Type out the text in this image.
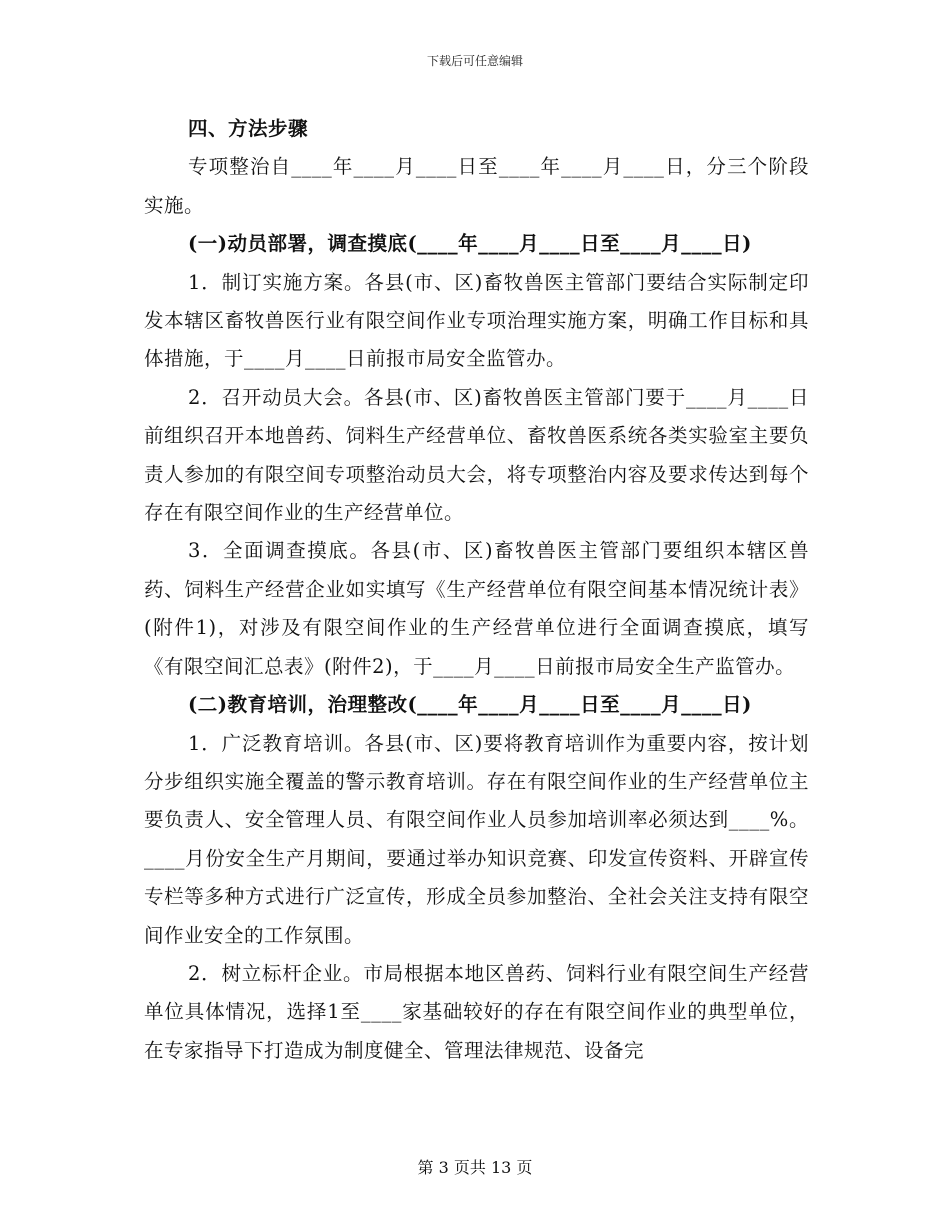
下载后可任意编辑

四、方法步骤

专项整治自____年____月____日至____年____月____日，分三个阶段实施。

(一)动员部署，调查摸底(____年____月____日至____月____日)

1．制订实施方案。各县(市、区)畜牧兽医主管部门要结合实际制定印发本辖区畜牧兽医行业有限空间作业专项治理实施方案，明确工作目标和具体措施，于____月____日前报市局安全监管办。

2．召开动员大会。各县(市、区)畜牧兽医主管部门要于____月____日前组织召开本地兽药、饲料生产经营单位、畜牧兽医系统各类实验室主要负责人参加的有限空间专项整治动员大会，将专项整治内容及要求传达到每个存在有限空间作业的生产经营单位。

3．全面调查摸底。各县(市、区)畜牧兽医主管部门要组织本辖区兽药、饲料生产经营企业如实填写《生产经营单位有限空间基本情况统计表》(附件1)，对涉及有限空间作业的生产经营单位进行全面调查摸底，填写《有限空间汇总表》(附件2)，于____月____日前报市局安全生产监管办。

(二)教育培训，治理整改(____年____月____日至____月____日)

1．广泛教育培训。各县(市、区)要将教育培训作为重要内容，按计划分步组织实施全覆盖的警示教育培训。存在有限空间作业的生产经营单位主要负责人、安全管理人员、有限空间作业人员参加培训率必须达到____%。____月份安全生产月期间，要通过举办知识竞赛、印发宣传资料、开辟宣传专栏等多种方式进行广泛宣传，形成全员参加整治、全社会关注支持有限空间作业安全的工作氛围。

2．树立标杆企业。市局根据本地区兽药、饲料行业有限空间生产经营单位具体情况，选择1至____家基础较好的存在有限空间作业的典型单位，在专家指导下打造成为制度健全、管理法律规范、设备完

第 3 页共 13 页
